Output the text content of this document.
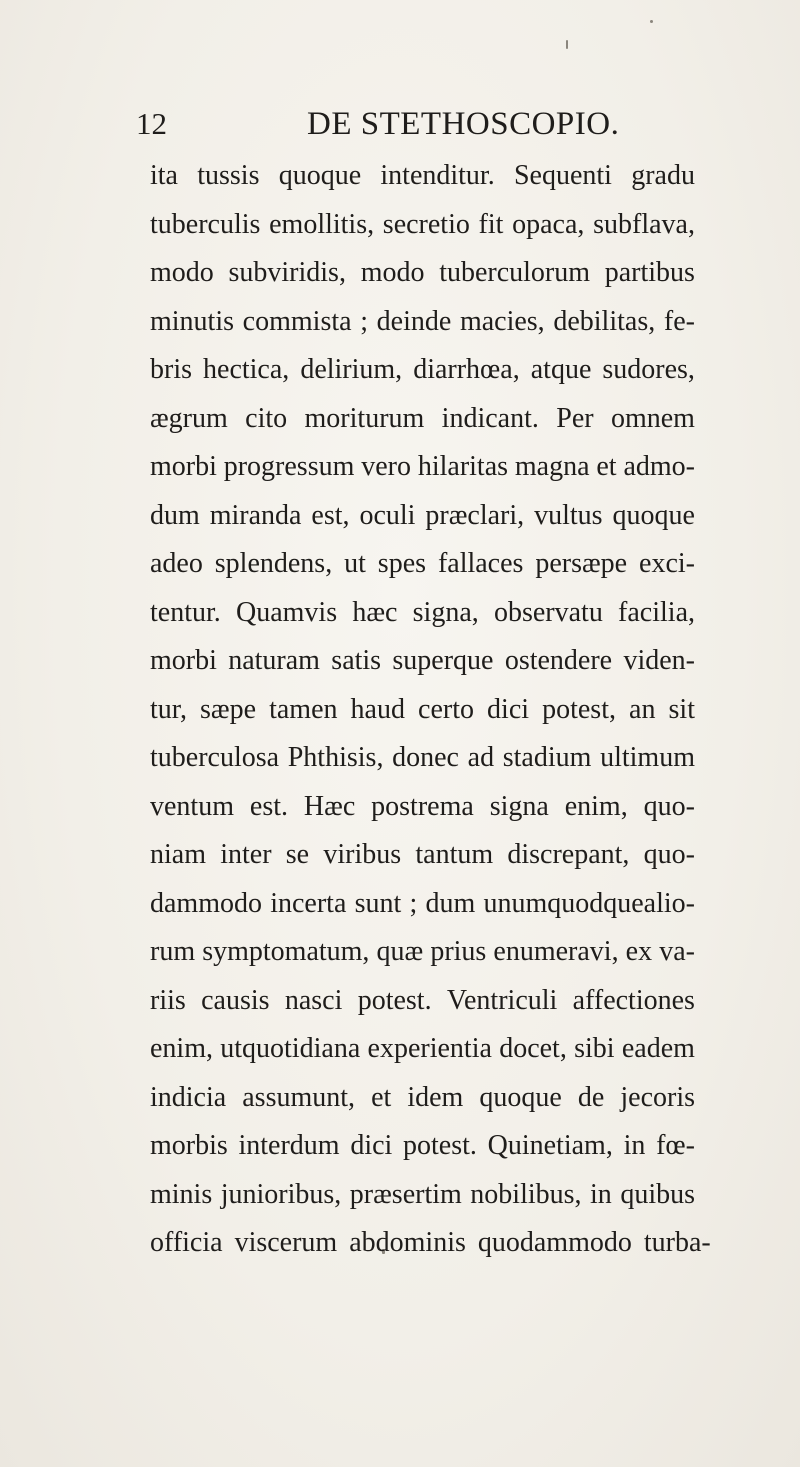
12	DE STETHOSCOPIO.
ita tussis quoque intenditur. Sequenti gradu
tuberculis emollitis, secretio fit opaca, subflava,
modo subviridis, modo tuberculorum partibus
minutis commista ; deinde macies, debilitas, fe-
bris hectica, delirium, diarrhœa, atque sudores,
ægrum cito moriturum indicant. Per omnem
morbi progressum vero hilaritas magna et admo-
dum miranda est, oculi præclari, vultus quoque
adeo splendens, ut spes fallaces persæpe exci-
tentur. Quamvis hæc signa, observatu facilia,
morbi naturam satis superque ostendere viden-
tur, sæpe tamen haud certo dici potest, an sit
tuberculosa Phthisis, donec ad stadium ultimum
ventum est. Hæc postrema signa enim, quo-
niam inter se viribus tantum discrepant, quo-
dammodo incerta sunt ; dum unumquodquealio-
rum symptomatum, quæ prius enumeravi, ex va-
riis causis nasci potest. Ventriculi affectiones
enim, utquotidiana experientia docet, sibi eadem
indicia assumunt, et idem quoque de jecoris
morbis interdum dici potest. Quinetiam, in fœ-
minis junioribus, præsertim nobilibus, in quibus
officia viscerum abdominis quodammodo turba-
